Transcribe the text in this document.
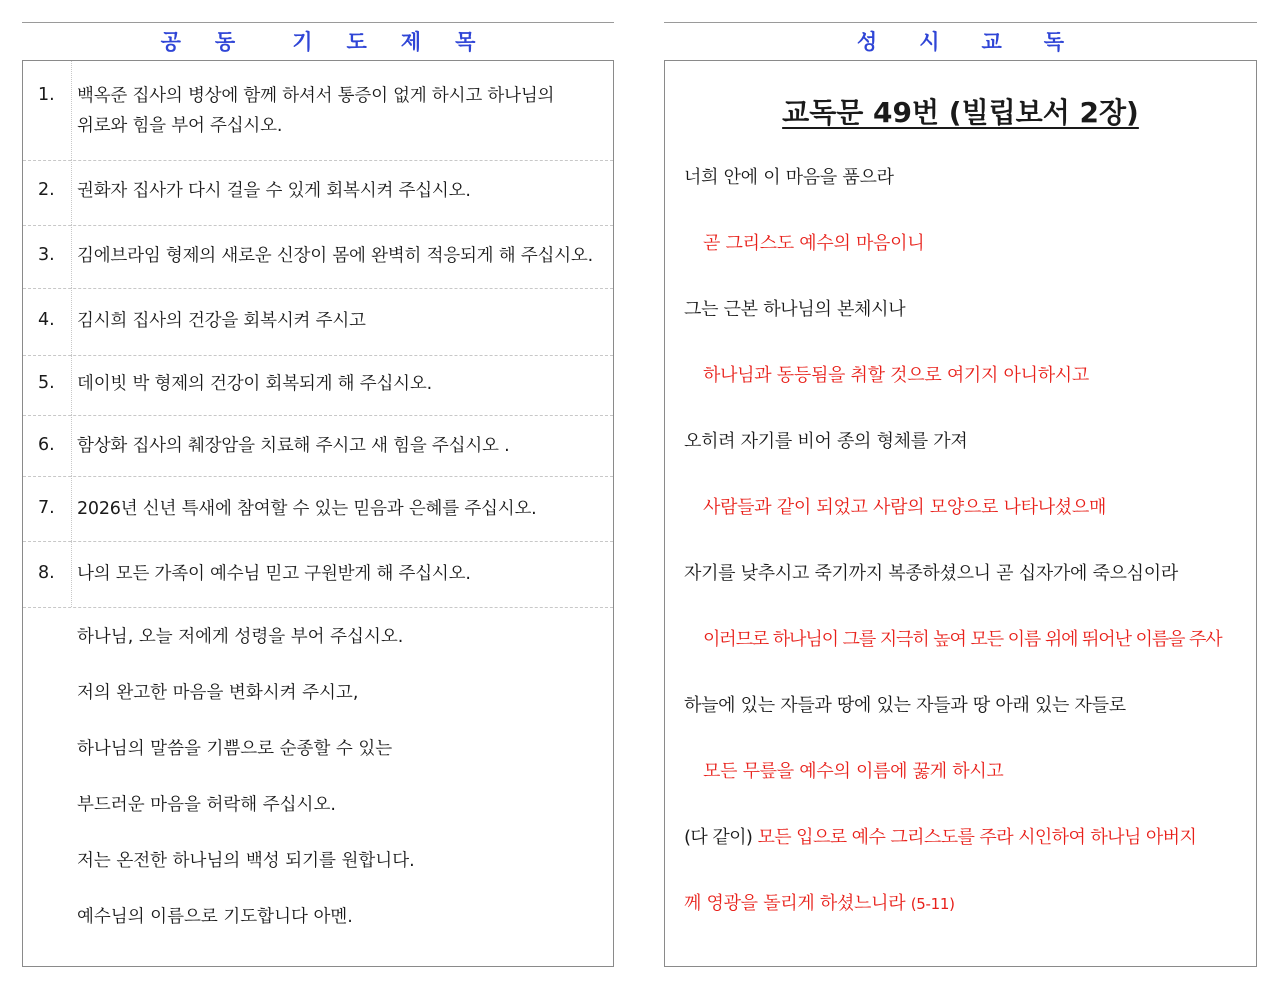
공 동	기 도 제 목	성 시 교 독
1. 백옥준 집사의 병상에 함께 하셔서 통증이 없게 하시고 하나님의
위로와 힘을 부어 주십시오.
2. 권화자 집사가 다시 걸을 수 있게 회복시켜 주십시오.
3. 김에브라임 형제의 새로운 신장이 몸에 완벽히 적응되게 해 주십시오.
4. 김시희 집사의 건강을 회복시켜 주시고
5. 데이빗 박 형제의 건강이 회복되게 해 주십시오.
6. 함상화 집사의 췌장암을 치료해 주시고 새 힘을 주십시오 .
7. 2026년 신년 특새에 참여할 수 있는 믿음과 은혜를 주십시오.
8. 나의 모든 가족이 예수님 믿고 구원받게 해 주십시오.
하나님, 오늘 저에게 성령을 부어 주십시오.
저의 완고한 마음을 변화시켜 주시고,
하나님의 말씀을 기쁨으로 순종할 수 있는
부드러운 마음을 허락해 주십시오.
저는 온전한 하나님의 백성 되기를 원합니다.
예수님의 이름으로 기도합니다 아멘.
교독문 49번 (빌립보서 2장)
너희 안에 이 마음을 품으라
곧 그리스도 예수의 마음이니
그는 근본 하나님의 본체시나
하나님과 동등됨을 취할 것으로 여기지 아니하시고
오히려 자기를 비어 종의 형체를 가져
사람들과 같이 되었고 사람의 모양으로 나타나셨으매
자기를 낮추시고 죽기까지 복종하셨으니 곧 십자가에 죽으심이라
이러므로 하나님이 그를 지극히 높여 모든 이름 위에 뛰어난 이름을 주사
하늘에 있는 자들과 땅에 있는 자들과 땅 아래 있는 자들로
모든 무릎을 예수의 이름에 꿇게 하시고
(다 같이) 모든 입으로 예수 그리스도를 주라 시인하여 하나님 아버지
께 영광을 돌리게 하셨느니라 (5-11)
